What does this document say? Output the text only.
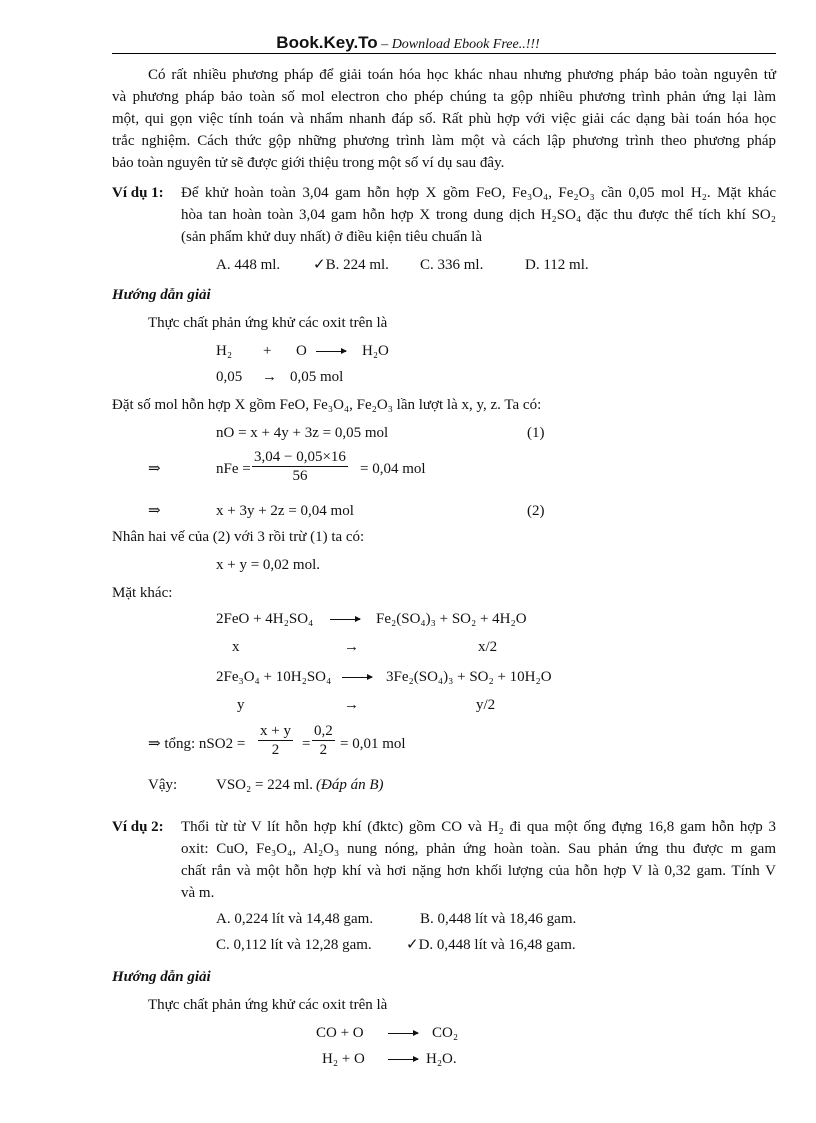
Book.Key.To – Download Ebook Free..!!!
Có rất nhiều phương pháp để giải toán hóa học khác nhau nhưng phương pháp bảo toàn nguyên tử
và phương pháp bảo toàn số mol electron cho phép chúng ta gộp nhiều phương trình phản ứng lại làm
một, qui gọn việc tính toán và nhẩm nhanh đáp số. Rất phù hợp với việc giải các dạng bài toán hóa học
trắc nghiệm. Cách thức gộp những phương trình làm một và cách lập phương trình theo phương pháp
bảo toàn nguyên tử sẽ được giới thiệu trong một số ví dụ sau đây.
Ví dụ 1: Để khử hoàn toàn 3,04 gam hỗn hợp X gồm FeO, Fe₃O₄, Fe₂O₃ cần 0,05 mol H₂. Mặt khác
hòa tan hoàn toàn 3,04 gam hỗn hợp X trong dung dịch H₂SO₄ đặc thu được thể tích khí SO₂
(sản phẩm khử duy nhất) ở điều kiện tiêu chuẩn là
A. 448 ml. ✓B. 224 ml. C. 336 ml.	D. 112 ml.
Hướng dẫn giải
Thực chất phản ứng khử các oxit trên là
H₂ + O	H₂O
0,05 → 0,05 mol
Đặt số mol hỗn hợp X gồm FeO, Fe₃O₄, Fe₂O₃ lần lượt là x, y, z. Ta có:
nO = x + 4y + 3z = 0,05 mol	(1)
⇒	nFe = $\frac{3,04 - 0,05\times 16}{56} = 0,04$ mol
⇒	x + 3y + 2z = 0,04 mol	(2)
Nhân hai vế của (2) với 3 rồi trừ (1) ta có:
x + y = 0,02 mol.
Mặt khác:
2FeO + 4H₂SO₄	Fe₂(SO₄)₃ + SO₂ + 4H₂O
x	→	x/2
2Fe₃O₄ + 10H₂SO₄	3Fe₂(SO₄)₃ + SO₂ + 10H₂O
y	→	y/2
⇒ tổng: $nSO2 = \frac{x + y}{2} = \frac{0,2}{2} = 0,01$ mol
Vậy:	VSO₂ = 224 ml. (Đáp án B)
Ví dụ 2: Thổi từ từ V lít hỗn hợp khí (đktc) gồm CO và H₂ đi qua một ống đựng 16,8 gam hỗn hợp 3
oxit: CuO, Fe₃O₄, Al₂O₃ nung nóng, phản ứng hoàn toàn. Sau phản ứng thu được m gam
chất rắn và một hỗn hợp khí và hơi nặng hơn khối lượng của hỗn hợp V là 0,32 gam. Tính V
và m.
A. 0,224 lít và 14,48 gam.	B. 0,448 lít và 18,46 gam.
C. 0,112 lít và 12,28 gam. ✓D. 0,448 lít và 16,48 gam.
Hướng dẫn giải
Thực chất phản ứng khử các oxit trên là
CO + O	CO₂
H₂ + O	H₂O.
